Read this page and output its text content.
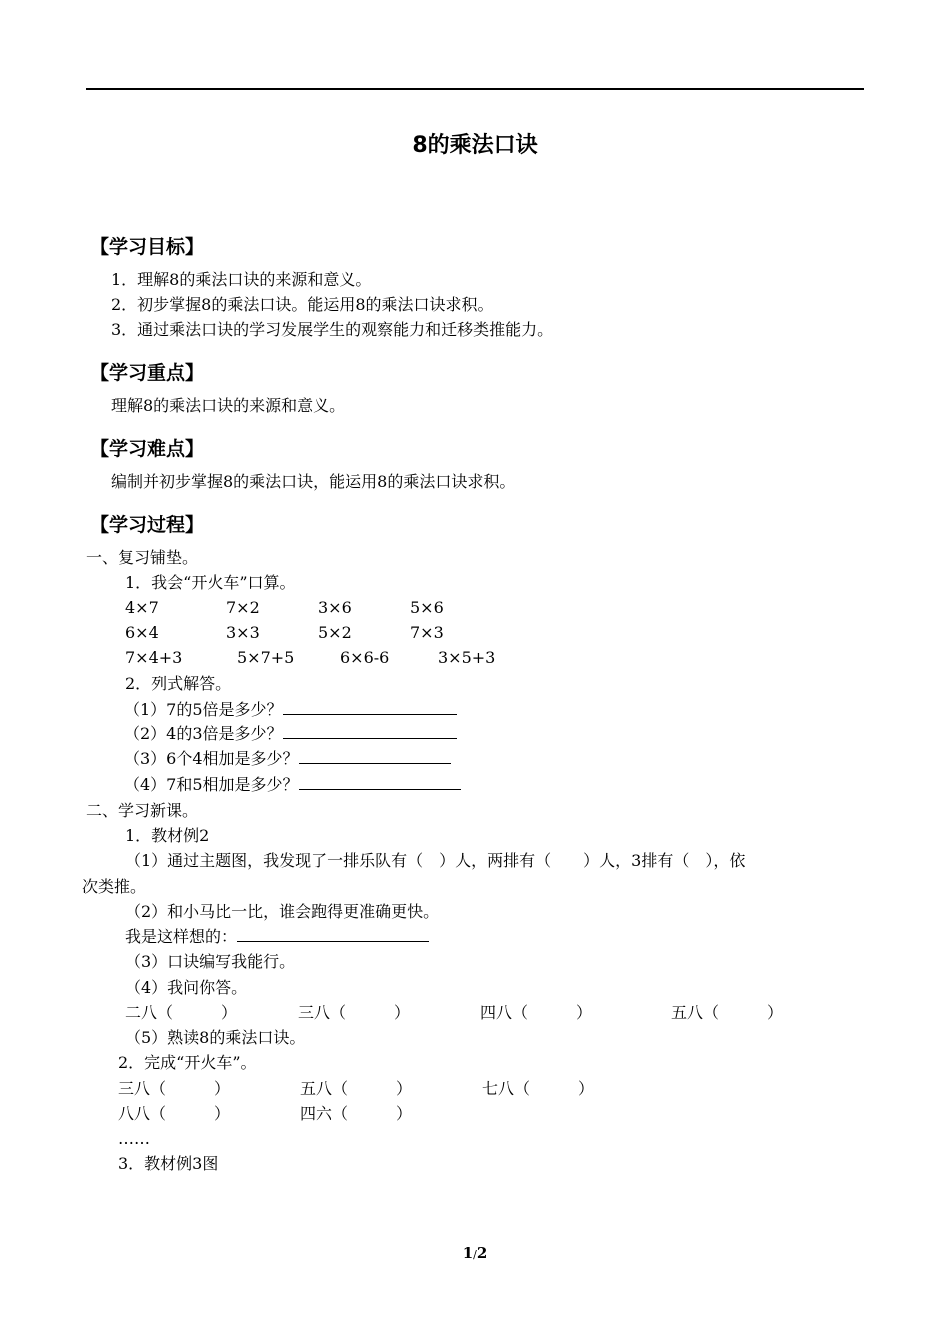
8的乘法口诀
【学习目标】
1．理解8的乘法口诀的来源和意义。
2．初步掌握8的乘法口诀。能运用8的乘法口诀求积。
3．通过乘法口诀的学习发展学生的观察能力和迁移类推能力。
【学习重点】
理解8的乘法口诀的来源和意义。
【学习难点】
编制并初步掌握8的乘法口诀，能运用8的乘法口诀求积。
【学习过程】
一、复习铺垫。
1．我会“开火车”口算。
4×7	7×2	3×6	5×6
6×4	3×3	5×2	7×3
7×4+3	5×7+5	6×6-6	3×5+3
2．列式解答。
（1）7的5倍是多少？
（2）4的3倍是多少？
（3）6个4相加是多少？
（4）7和5相加是多少？
二、学习新课。
1．教材例2
（1）通过主题图，我发现了一排乐队有（　）人，两排有（　　）人，3排有（　），依
次类推。
（2）和小马比一比，谁会跑得更准确更快。
我是这样想的：
（3）口诀编写我能行。
（4）我问你答。
二八（　　　）	三八（　　　）	四八（　　　）	五八（　　　）
（5）熟读8的乘法口诀。
2．完成“开火车”。
三八（　　　）	五八（　　　）	七八（　　　）
八八（　　　）	四六（　　　）
……
3．教材例3图
1/2
